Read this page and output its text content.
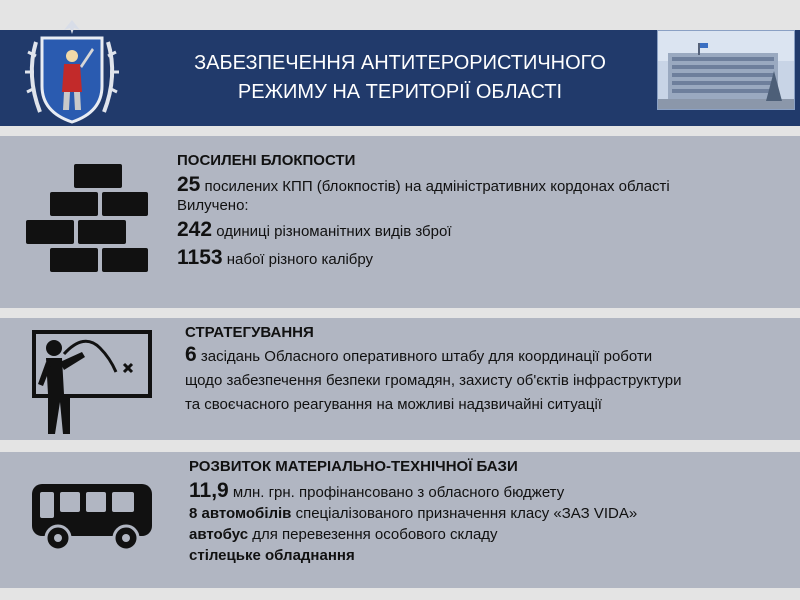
ЗАБЕЗПЕЧЕННЯ АНТИТЕРОРИСТИЧНОГО
РЕЖИМУ НА ТЕРИТОРІЇ ОБЛАСТІ

ПОСИЛЕНІ БЛОКПОСТИ

25 посилених КПП (блокпостів) на адміністративних кордонах області

Вилучено:

242 одиниці різноманітних видів зброї

1153 набої різного калібру

СТРАТЕГУВАННЯ

6 засідань Обласного оперативного штабу для координації роботи
щодо забезпечення безпеки громадян, захисту об'єктів інфраструктури
та своєчасного реагування на можливі надзвичайні ситуації

РОЗВИТОК МАТЕРІАЛЬНО-ТЕХНІЧНОЇ БАЗИ

11,9 млн. грн. профінансовано з обласного бюджету

8 автомобілів спеціалізованого призначення класу «ЗАЗ VIDA»

автобус для перевезення особового складу

стілецьке обладнання
